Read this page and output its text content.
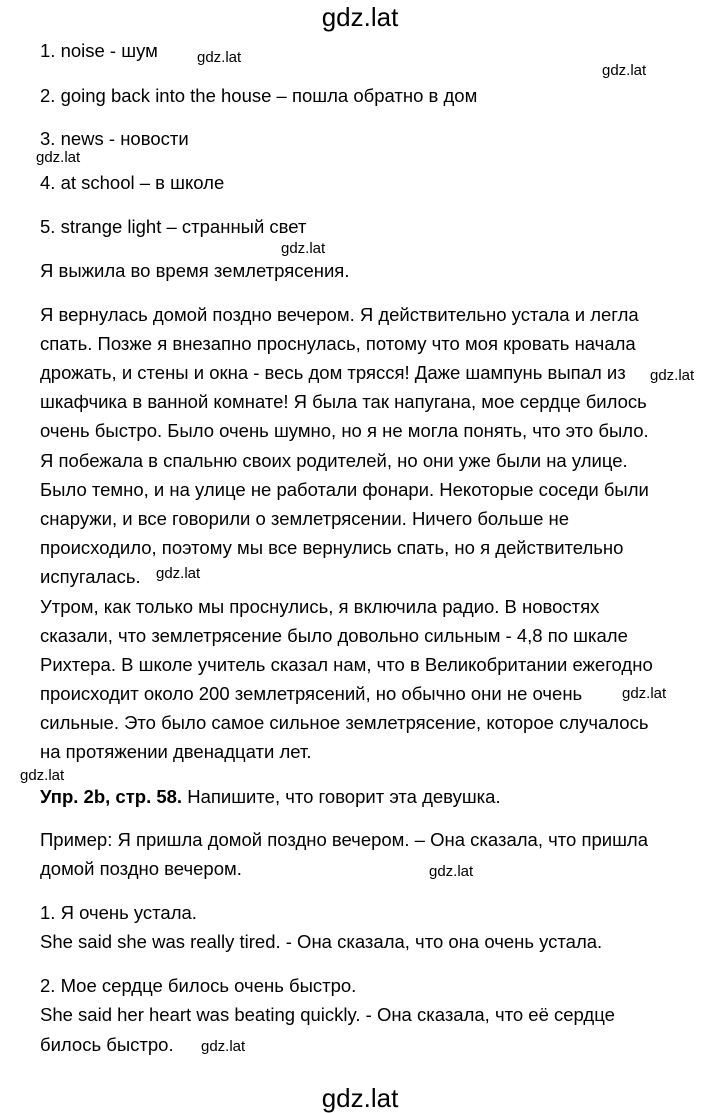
gdz.lat
1. noise - шум
2. going back into the house – пошла обратно в дом
3. news - новости
4. at school – в школе
5. strange light – странный свет
Я выжила во время землетрясения.
Я вернулась домой поздно вечером. Я действительно устала и легла
спать. Позже я внезапно проснулась, потому что моя кровать начала
дрожать, и стены и окна - весь дом трясся! Даже шампунь выпал из
шкафчика в ванной комнате! Я была так напугана, мое сердце билось
очень быстро. Было очень шумно, но я не могла понять, что это было.
Я побежала в спальню своих родителей, но они уже были на улице.
Было темно, и на улице не работали фонари. Некоторые соседи были
снаружи, и все говорили о землетрясении. Ничего больше не
происходило, поэтому мы все вернулись спать, но я действительно
испугалась.
Утром, как только мы проснулись, я включила радио. В новостях
сказали, что землетрясение было довольно сильным - 4,8 по шкале
Рихтера. В школе учитель сказал нам, что в Великобритании ежегодно
происходит около 200 землетрясений, но обычно они не очень
сильные. Это было самое сильное землетрясение, которое случалось
на протяжении двенадцати лет.
Упр. 2b, стр. 58. Напишите, что говорит эта девушка.
Пример: Я пришла домой поздно вечером. – Она сказала, что пришла
домой поздно вечером.
1. Я очень устала.
She said she was really tired. - Она сказала, что она очень устала.
2. Мое сердце билось очень быстро.
She said her heart was beating quickly. - Она сказала, что её сердце
билось быстро.
gdz.lat
gdz.lat
gdz.lat
gdz.lat
gdz.lat
gdz.lat
gdz.lat
gdz.lat
gdz.lat
gdz.lat
gdz.lat
